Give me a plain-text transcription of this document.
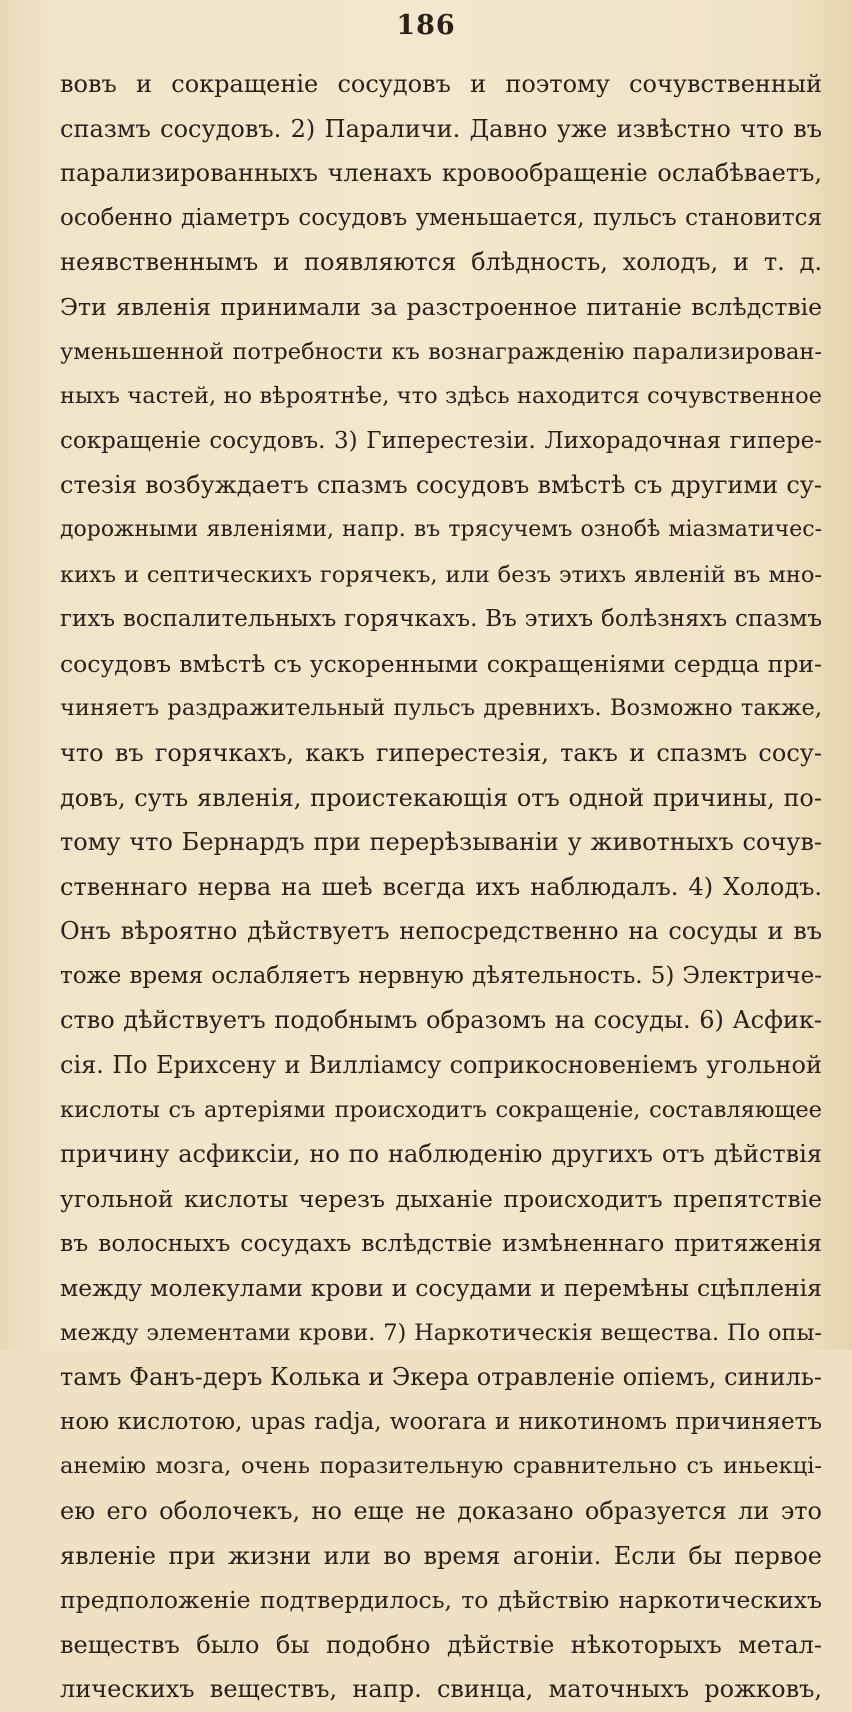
186
вовъ и сокращеніе сосудовъ и поэтому сочувственный
спазмъ сосудовъ. 2) Параличи. Давно уже извѣстно что въ
парализированныхъ членахъ кровообращеніе ослабѣваетъ,
особенно діаметръ сосудовъ уменьшается, пульсъ становится
неявственнымъ и появляются блѣдность, холодъ, и т. д.
Эти явленія принимали за разстроенное питаніе вслѣдствіе
уменьшенной потребности къ вознагражденію парализирован-
ныхъ частей, но вѣроятнѣе, что здѣсь находится сочувственное
сокращеніе сосудовъ. 3) Гиперестезіи. Лихорадочная гипере-
стезія возбуждаетъ спазмъ сосудовъ вмѣстѣ съ другими су-
дорожными явленіями, напр. въ трясучемъ ознобѣ міазматичес-
кихъ и септическихъ горячекъ, или безъ этихъ явленій въ мно-
гихъ воспалительныхъ горячкахъ. Въ этихъ болѣзняхъ спазмъ
сосудовъ вмѣстѣ съ ускоренными сокращеніями сердца при-
чиняетъ раздражительный пульсъ древнихъ. Возможно также,
что въ горячкахъ, какъ гиперестезія, такъ и спазмъ сосу-
довъ, суть явленія, проистекающія отъ одной причины, по-
тому что Бернардъ при перерѣзываніи у животныхъ сочув-
ственнаго нерва на шеѣ всегда ихъ наблюдалъ. 4) Холодъ.
Онъ вѣроятно дѣйствуетъ непосредственно на сосуды и въ
тоже время ослабляетъ нервную дѣятельность. 5) Электриче-
ство дѣйствуетъ подобнымъ образомъ на сосуды. 6) Асфик-
сія. По Ерихсену и Вилліамсу соприкосновеніемъ угольной
кислоты съ артеріями происходитъ сокращеніе, составляющее
причину асфиксіи, но по наблюденію другихъ отъ дѣйствія
угольной кислоты черезъ дыханіе происходитъ препятствіе
въ волосныхъ сосудахъ вслѣдствіе измѣненнаго притяженія
между молекулами крови и сосудами и перемѣны сцѣпленія
между элементами крови. 7) Наркотическія вещества. По опы-
тамъ Фанъ-деръ Колька и Экера отравленіе опіемъ, синиль-
ною кислотою, upas radja, woorara и никотиномъ причиняетъ
анемію мозга, очень поразительную сравнительно съ иньекці-
ею его оболочекъ, но еще не доказано образуется ли это
явленіе при жизни или во время агоніи. Если бы первое
предположеніе подтвердилось, то дѣйствію наркотическихъ
веществъ было бы подобно дѣйствіе нѣкоторыхъ метал-
лическихъ веществъ, напр. свинца, маточныхъ рожковъ,
